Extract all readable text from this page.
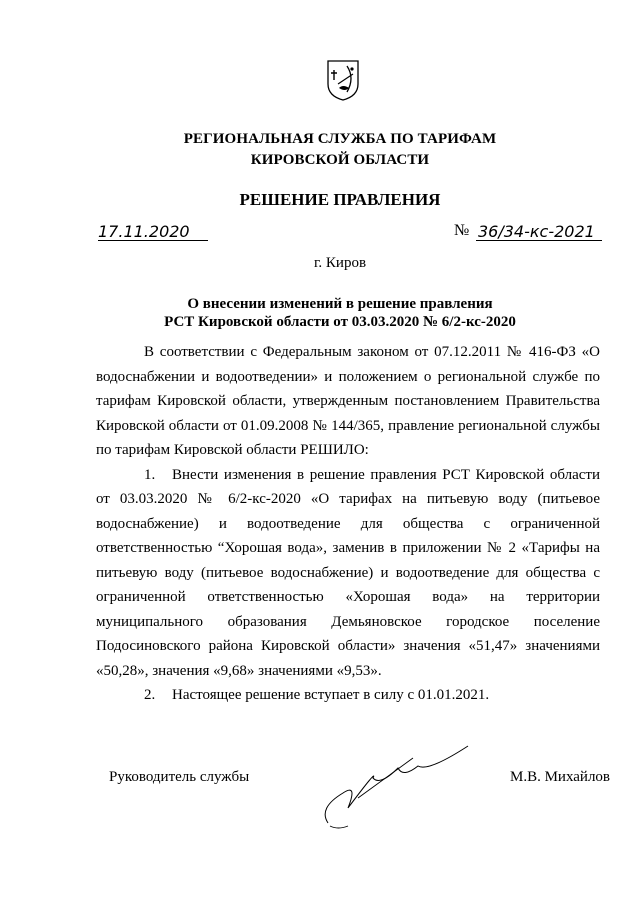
РЕГИОНАЛЬНАЯ СЛУЖБА ПО ТАРИФАМ
КИРОВСКОЙ ОБЛАСТИ
РЕШЕНИЕ ПРАВЛЕНИЯ
17.11.2020	№ 36/34-кс-2021
г. Киров
О внесении изменений в решение правления
РСТ Кировской области от 03.03.2020 № 6/2-кс-2020

В соответствии с Федеральным законом от 07.12.2011 № 416-ФЗ «О водоснабжении и водоотведении» и положением о региональной службе по тарифам Кировской области, утвержденным постановлением Правительства Кировской области от 01.09.2008 № 144/365, правление региональной службы по тарифам Кировской области РЕШИЛО:

1. Внести изменения в решение правления РСТ Кировской области от 03.03.2020 № 6/2-кс-2020 «О тарифах на питьевую воду (питьевое водоснабжение) и водоотведение для общества с ограниченной ответственностью “Хорошая вода», заменив в приложении № 2 «Тарифы на питьевую воду (питьевое водоснабжение) и водоотведение для общества с ограниченной ответственностью «Хорошая вода» на территории муниципального образования Демьяновское городское поселение Подосиновского района Кировской области» значения «51,47» значениями «50,28», значения «9,68» значениями «9,53».

2. Настоящее решение вступает в силу с 01.01.2021.

Руководитель службы	М.В. Михайлов
